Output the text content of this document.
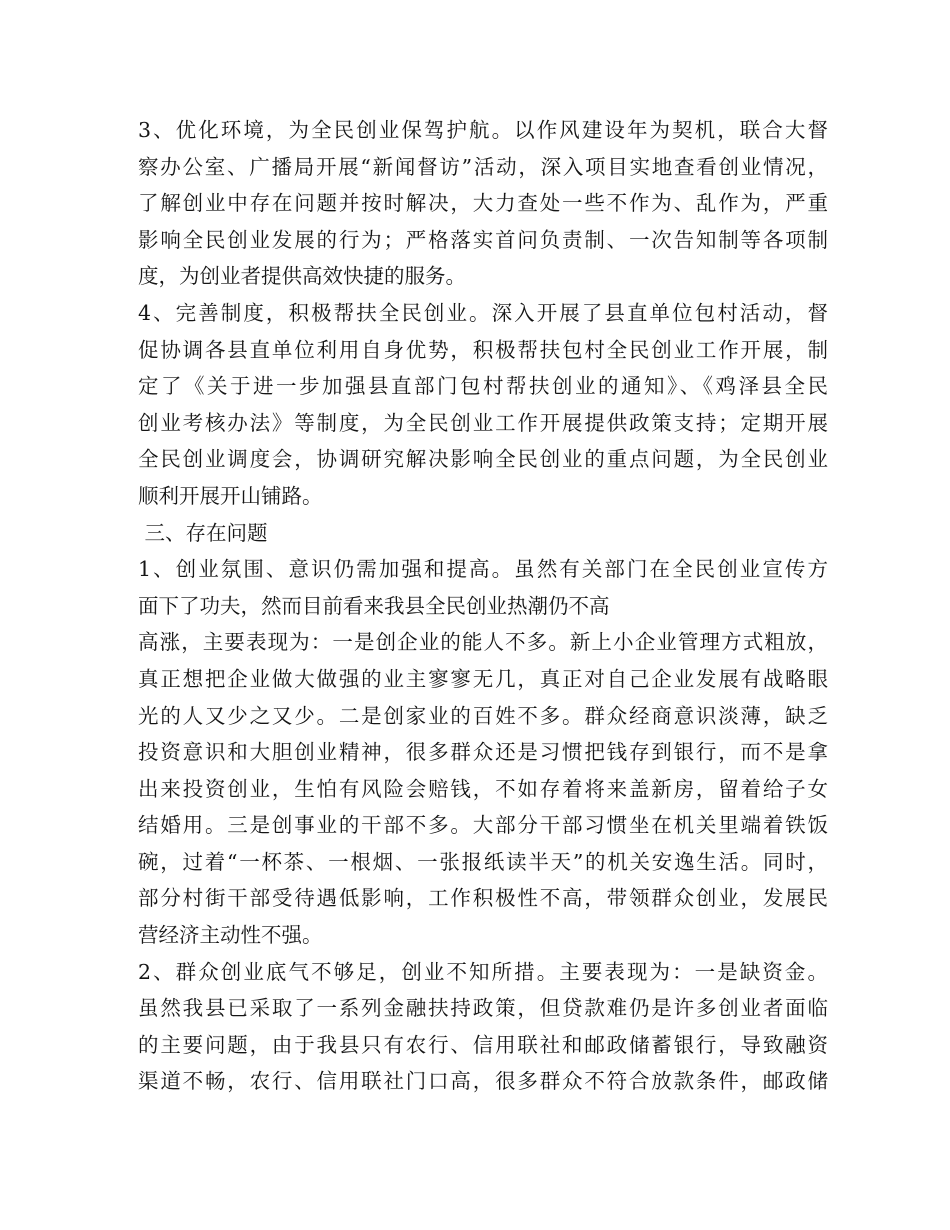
3、优化环境，为全民创业保驾护航。以作风建设年为契机，联合大督
察办公室、广播局开展“新闻督访”活动，深入项目实地查看创业情况，
了解创业中存在问题并按时解决，大力查处一些不作为、乱作为，严重
影响全民创业发展的行为；严格落实首问负责制、一次告知制等各项制
度，为创业者提供高效快捷的服务。
4、完善制度，积极帮扶全民创业。深入开展了县直单位包村活动，督
促协调各县直单位利用自身优势，积极帮扶包村全民创业工作开展，制
定了《关于进一步加强县直部门包村帮扶创业的通知》、《鸡泽县全民
创业考核办法》等制度，为全民创业工作开展提供政策支持；定期开展
全民创业调度会，协调研究解决影响全民创业的重点问题，为全民创业
顺利开展开山铺路。
三、存在问题
1、创业氛围、意识仍需加强和提高。虽然有关部门在全民创业宣传方
面下了功夫，然而目前看来我县全民创业热潮仍不高
高涨，主要表现为：一是创企业的能人不多。新上小企业管理方式粗放，
真正想把企业做大做强的业主寥寥无几，真正对自己企业发展有战略眼
光的人又少之又少。二是创家业的百姓不多。群众经商意识淡薄，缺乏
投资意识和大胆创业精神，很多群众还是习惯把钱存到银行，而不是拿
出来投资创业，生怕有风险会赔钱，不如存着将来盖新房，留着给子女
结婚用。三是创事业的干部不多。大部分干部习惯坐在机关里端着铁饭
碗，过着“一杯茶、一根烟、一张报纸读半天”的机关安逸生活。同时，
部分村街干部受待遇低影响，工作积极性不高，带领群众创业，发展民
营经济主动性不强。
2、群众创业底气不够足，创业不知所措。主要表现为：一是缺资金。
虽然我县已采取了一系列金融扶持政策，但贷款难仍是许多创业者面临
的主要问题，由于我县只有农行、信用联社和邮政储蓄银行，导致融资
渠道不畅，农行、信用联社门口高，很多群众不符合放款条件，邮政储
